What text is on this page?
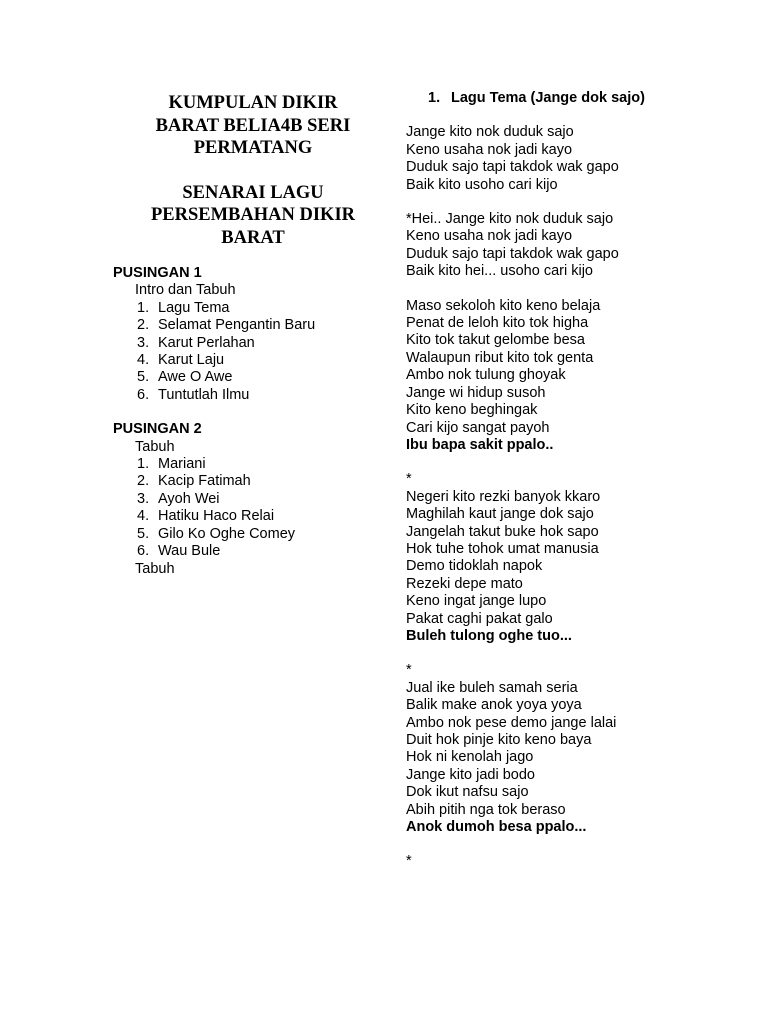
KUMPULAN DIKIR
BARAT BELIA4B SERI
PERMATANG
SENARAI LAGU
PERSEMBAHAN DIKIR
BARAT
PUSINGAN 1
Intro dan Tabuh
1. Lagu Tema
2. Selamat Pengantin Baru
3. Karut Perlahan
4. Karut Laju
5. Awe O Awe
6. Tuntutlah Ilmu
PUSINGAN 2
Tabuh
1. Mariani
2. Kacip Fatimah
3. Ayoh Wei
4. Hatiku Haco Relai
5. Gilo Ko Oghe Comey
6. Wau Bule
Tabuh
1. Lagu Tema (Jange dok sajo)
Jange kito nok duduk sajo
Keno usaha nok jadi kayo
Duduk sajo tapi takdok wak gapo
Baik kito usoho cari kijo
*Hei.. Jange kito nok duduk sajo
Keno usaha nok jadi kayo
Duduk sajo tapi takdok wak gapo
Baik kito hei... usoho cari kijo
Maso sekoloh kito keno belaja
Penat de leloh kito tok higha
Kito tok takut gelombe besa
Walaupun ribut kito tok genta
Ambo nok tulung ghoyak
Jange wi hidup susoh
Kito keno beghingak
Cari kijo sangat payoh
Ibu bapa sakit ppalo..
*
Negeri kito rezki banyok kkaro
Maghilah kaut jange dok sajo
Jangelah takut buke hok sapo
Hok tuhe tohok umat manusia
Demo tidoklah napok
Rezeki depe mato
Keno ingat jange lupo
Pakat caghi pakat galo
Buleh tulong oghe tuo...
*
Jual ike buleh samah seria
Balik make anok yoya yoya
Ambo nok pese demo jange lalai
Duit hok pinje kito keno baya
Hok ni kenolah jago
Jange kito jadi bodo
Dok ikut nafsu sajo
Abih pitih nga tok beraso
Anok dumoh besa ppalo...
*
